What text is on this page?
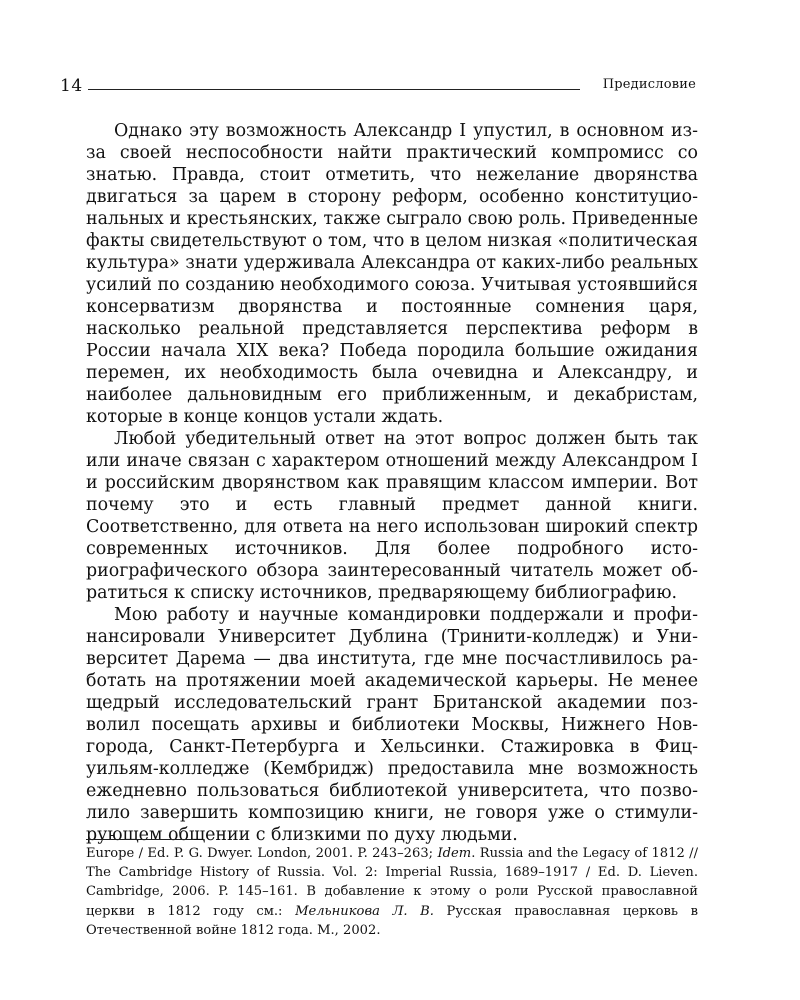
14	Предисловие

Однако эту возможность Александр I упустил, в основном из-за своей неспособности найти практический компромисс со знатью. Правда, стоит отметить, что нежелание дворянства двигаться за царем в сторону реформ, особенно конституциональных и крестьянских, также сыграло свою роль. Приведенные факты свидетельствуют о том, что в целом низкая «политическая культура» знати удерживала Александра от каких-либо реальных усилий по созданию необходимого союза. Учитывая устоявшийся консерватизм дворянства и постоянные сомнения царя, насколько реальной представляется перспектива реформ в России начала XIX века? Победа породила большие ожидания перемен, их необходимость была очевидна и Александру, и наиболее дальновидным его приближенным, и декабристам, которые в конце концов устали ждать.

Любой убедительный ответ на этот вопрос должен быть так или иначе связан с характером отношений между Александром I и российским дворянством как правящим классом империи. Вот почему это и есть главный предмет данной книги. Соответственно, для ответа на него использован широкий спектр современных источников. Для более подробного историографического обзора заинтересованный читатель может обратиться к списку источников, предваряющему библиографию.

Мою работу и научные командировки поддержали и профинансировали Университет Дублина (Тринити-колледж) и Университет Дарема — два института, где мне посчастливилось работать на протяжении моей академической карьеры. Не менее щедрый исследовательский грант Британской академии позволил посещать архивы и библиотеки Москвы, Нижнего Новгорода, Санкт-Петербурга и Хельсинки. Стажировка в Фицуильям-колледже (Кембридж) предоставила мне возможность ежедневно пользоваться библиотекой университета, что позволило завершить композицию книги, не говоря уже о стимулирующем общении с близкими по духу людьми.

Europe / Ed. P. G. Dwyer. London, 2001. P. 243–263; Idem. Russia and the Legacy of 1812 // The Cambridge History of Russia. Vol. 2: Imperial Russia, 1689–1917 / Ed. D. Lieven. Cambridge, 2006. P. 145–161. В добавление к этому о роли Русской православной церкви в 1812 году см.: Мельникова Л. В. Русская православная церковь в Отечественной войне 1812 года. М., 2002.
